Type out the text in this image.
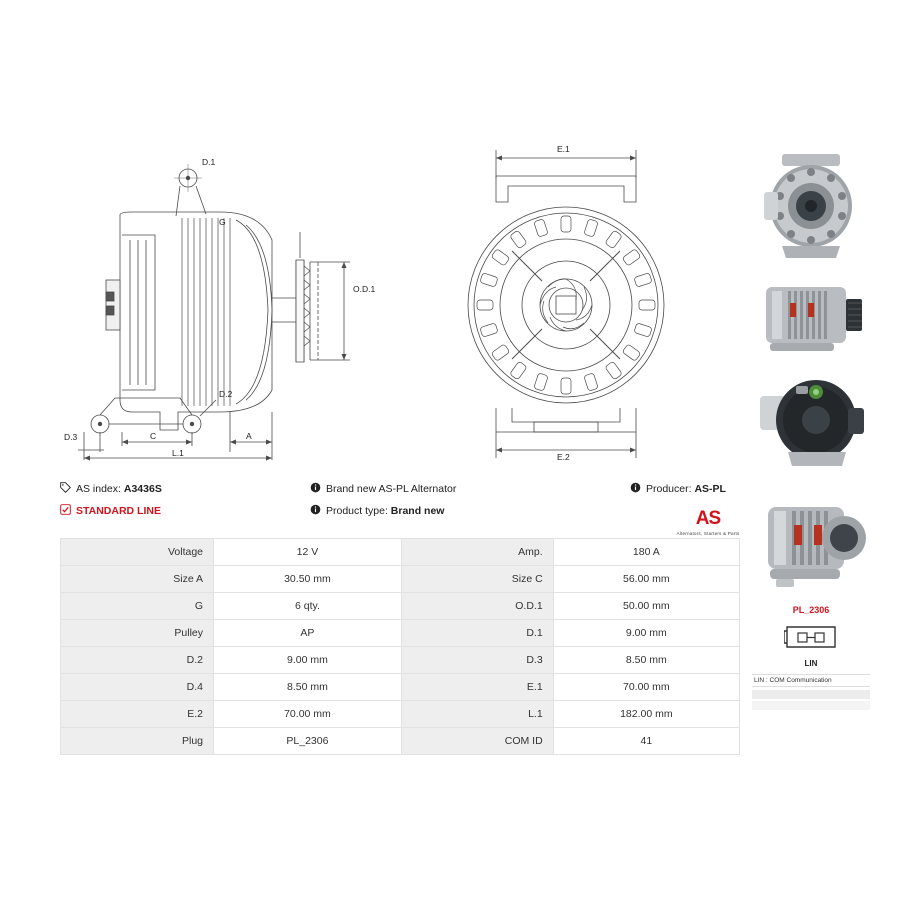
D.1
G
O.D.1
D.2
D.3	C	A
L.1
E.1
E.2
AS index: A3436S	Brand new AS-PL Alternator	Producer: AS-PL
STANDARD LINE	Product type: Brand new	AS
Alternators, Starters & Parts
Voltage	12 V	Amp.	180 A
Size A	30.50 mm	Size C	56.00 mm
G	6 qty.	O.D.1	50.00 mm
Pulley	AP	D.1	9.00 mm
D.2	9.00 mm	D.3	8.50 mm
D.4	8.50 mm	E.1	70.00 mm
E.2	70.00 mm	L.1	182.00 mm
Plug	PL_2306	COM ID	41
PL_2306
LIN
LIN : COM Communication
